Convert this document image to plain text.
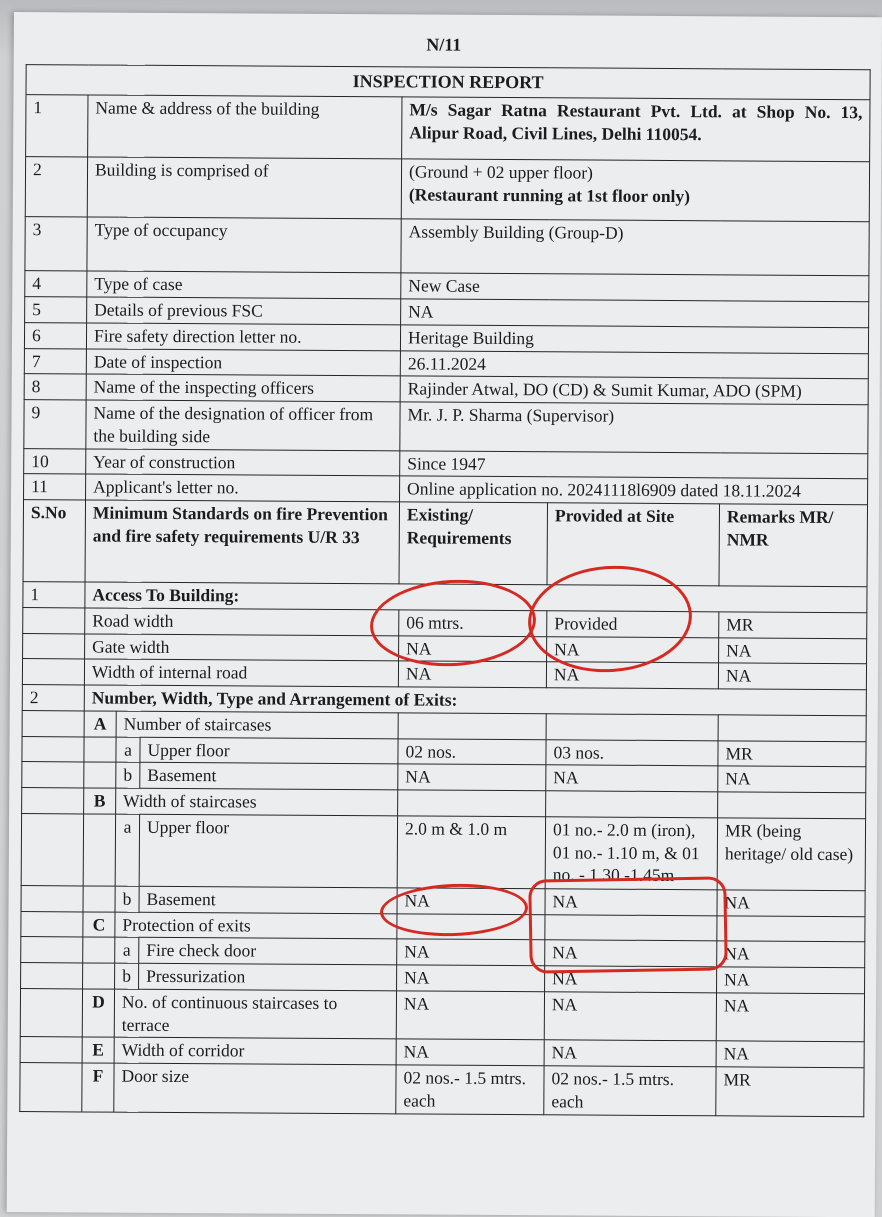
N/11
INSPECTION REPORT						
1	Name & address of the building			M/s Sagar Ratna Restaurant Pvt. Ltd. at Shop No. 13, Alipur Road, Civil Lines, Delhi 110054.		
2	Building is comprised of			(Ground + 02 upper floor)
(Restaurant running at 1st floor only)		

3	Type of occupancy			Assembly Building (Group-D)		
4	Type of case			New Case		
5	Details of previous FSC			NA		
6	Fire safety direction letter no.			Heritage Building		
7	Date of inspection			26.11.2024		
8	Name of the inspecting officers			Rajinder Atwal, DO (CD) & Sumit Kumar, ADO (SPM)		
9	Name of the designation of officer from the building side			Mr. J. P. Sharma (Supervisor)		
10	Year of construction			Since 1947		
11	Applicant's letter no.			Online application no. 20241118l6909 dated 18.11.2024		
S.No	Minimum Standards on fire Prevention and fire safety requirements U/R 33			Existing/ Requirements	Provided at Site	Remarks MR/ NMR
1	Access To Building:					
	Road width			06 mtrs.	Provided	MR
	Gate width			NA	NA	NA
	Width of internal road			NA	NA	NA
2	Number, Width, Type and Arrangement of Exits:					
	A	Number of staircases				
		a	Upper floor	02 nos.	03 nos.	MR
		b	Basement	NA	NA	NA
	B	Width of staircases				
		a	Upper floor	2.0 m & 1.0 m	01 no.- 2.0 m (iron), 01 no.- 1.10 m, & 01 no. - 1.30 -1.45m	MR (being heritage/ old case)
		b	Basement	NA	NA	NA
	C	Protection of exits				
		a	Fire check door	NA	NA	NA
		b	Pressurization	NA	NA	NA
	D	No. of continuous staircases to terrace		NA	NA	NA
	E	Width of corridor		NA	NA	NA
	F	Door size		02 nos.- 1.5 mtrs. each	02 nos.- 1.5 mtrs. each	MR
